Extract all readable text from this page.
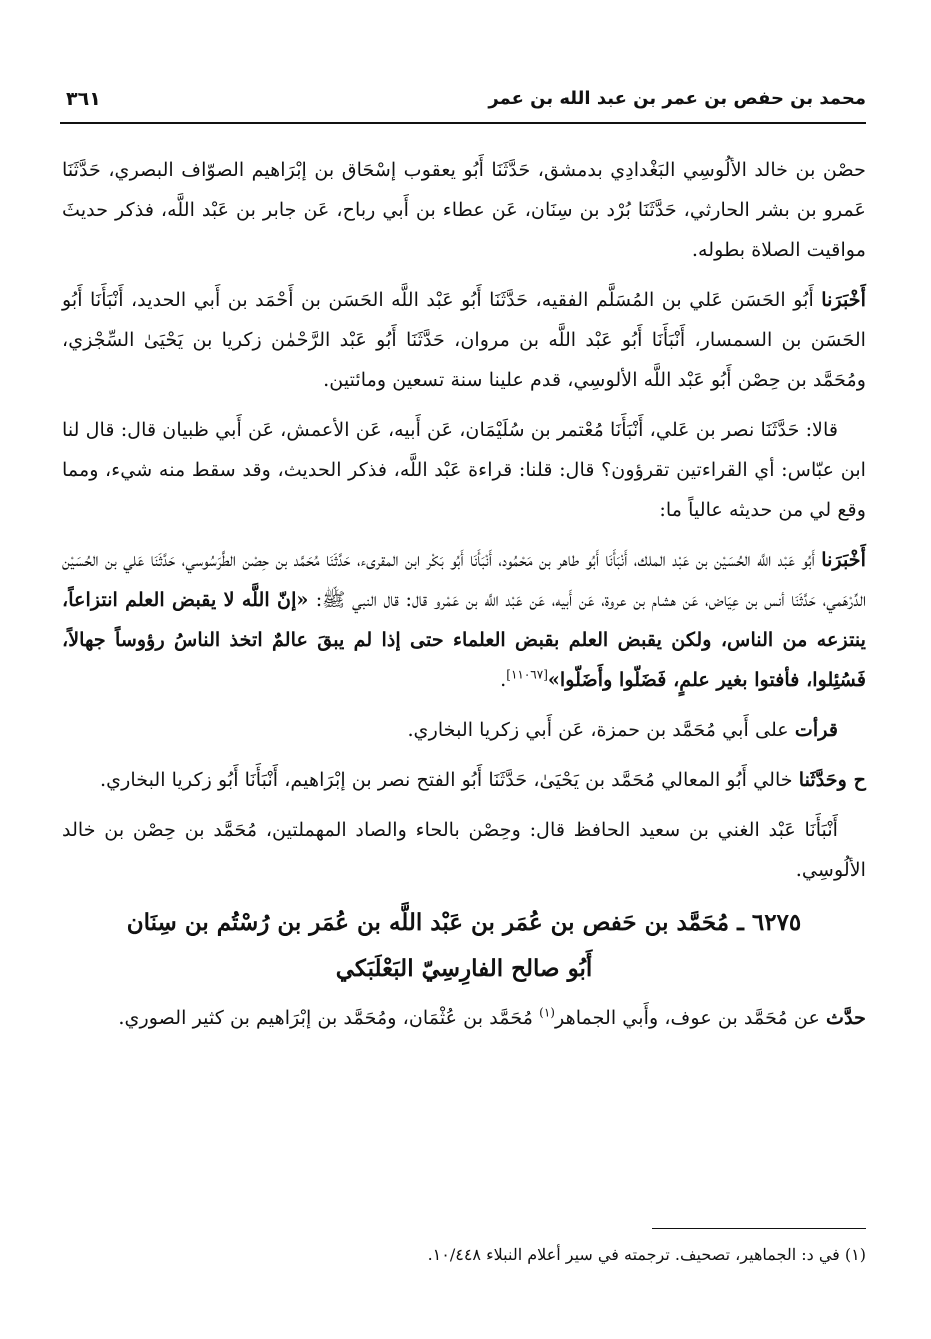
محمد بن حفص بن عمر بن عبد الله بن عمر
٣٦١

حصْن بن خالد الألُوسِي البَغْدادِي بدمشق، حَدَّثَنَا أَبُو يعقوب إسْحَاق بن إبْرَاهيم الصوّاف البصري، حَدَّثَنَا عَمرو بن بشر الحارثي، حَدَّثَنَا بُرْد بن سِنَان، عَن عطاء بن أَبي رباح، عَن جابر بن عَبْد اللَّه، فذكر حديثَ مواقيت الصلاة بطوله.

أَخْبَرَنا أَبُو الحَسَن عَلي بن المُسَلَّم الفقيه، حَدَّثَنَا أَبُو عَبْد اللَّه الحَسَن بن أَحْمَد بن أَبي الحديد، أَنْبَأَنَا أَبُو الحَسَن بن السمسار، أَنْبَأَنَا أَبُو عَبْد اللَّه بن مروان، حَدَّثَنَا أَبُو عَبْد الرَّحْمٰن زكريا بن يَحْيَىٰ السِّجْزي، ومُحَمَّد بن حِصْن أَبُو عَبْد اللَّه الألوسِي، قدم علينا سنة تسعين ومائتين.

قالا: حَدَّثَنَا نصر بن عَلي، أَنْبَأَنَا مُعْتمر بن سُلَيْمَان، عَن أَبيه، عَن الأعمش، عَن أَبي ظبيان قال: قال لنا ابن عبّاس: أي القراءتين تقرؤون؟ قال: قلنا: قراءة عَبْد اللَّه، فذكر الحديث، وقد سقط منه شيء، ومما وقع لي من حديثه عالياً ما:

أَخْبَرَنا أَبُو عَبْد اللَّه الحُسَيْن بن عَبْد الملك، أَنْبَأَنَا أَبُو طاهر بن مَحْمُود، أَنْبَأَنَا أَبُو بَكْر ابن المقرىء، حَدَّثَنَا مُحَمَّد بن حِصْن الطَّرَسُوسي، حَدَّثَنَا عَلي بن الحُسَيْن الدِّرْهَمي، حَدَّثَنَا أنس بن عِيَاض، عَن هشام بن عروة، عَن أَبيه، عَن عَبْد اللَّه بن عَمْرو قال: قال النبي ﷺ: «إنّ اللَّه لا يقبض العلم انتزاعاً، ينتزعه من الناس، ولكن يقبض العلم بقبض العلماء حتى إذا لم يبقَ عالمٌ اتخذ الناسُ رؤوساً جهالاً، فَسُئِلوا، فأفتوا بغير علمٍ، فَضَلّوا وأَضَلّوا»[١١٠٦٧].

قرأت على أَبي مُحَمَّد بن حمزة، عَن أَبي زكريا البخاري.

ح وحَدَّثَنا خالي أَبُو المعالي مُحَمَّد بن يَحْيَىٰ، حَدَّثَنَا أَبُو الفتح نصر بن إبْرَاهيم، أَنْبَأَنَا أَبُو زكريا البخاري.

أَنْبَأَنَا عَبْد الغني بن سعيد الحافظ قال: وحِصْن بالحاء والصاد المهملتين، مُحَمَّد بن حِصْن بن خالد الألُوسِي.

٦٢٧٥ ـ مُحَمَّد بن حَفص بن عُمَر بن عَبْد اللَّه بن عُمَر بن رُسْتُم بن سِنَان
أَبُو صالح الفارِسِيّ البَعْلَبَكي

حدَّث عن مُحَمَّد بن عوف، وأَبي الجماهر$^{(١)}$ مُحَمَّد بن عُثْمَان، ومُحَمَّد بن إبْرَاهيم بن كثير الصوري.

(١) في د: الجماهير، تصحيف. ترجمته في سير أعلام النبلاء ١٠/٤٤٨.
